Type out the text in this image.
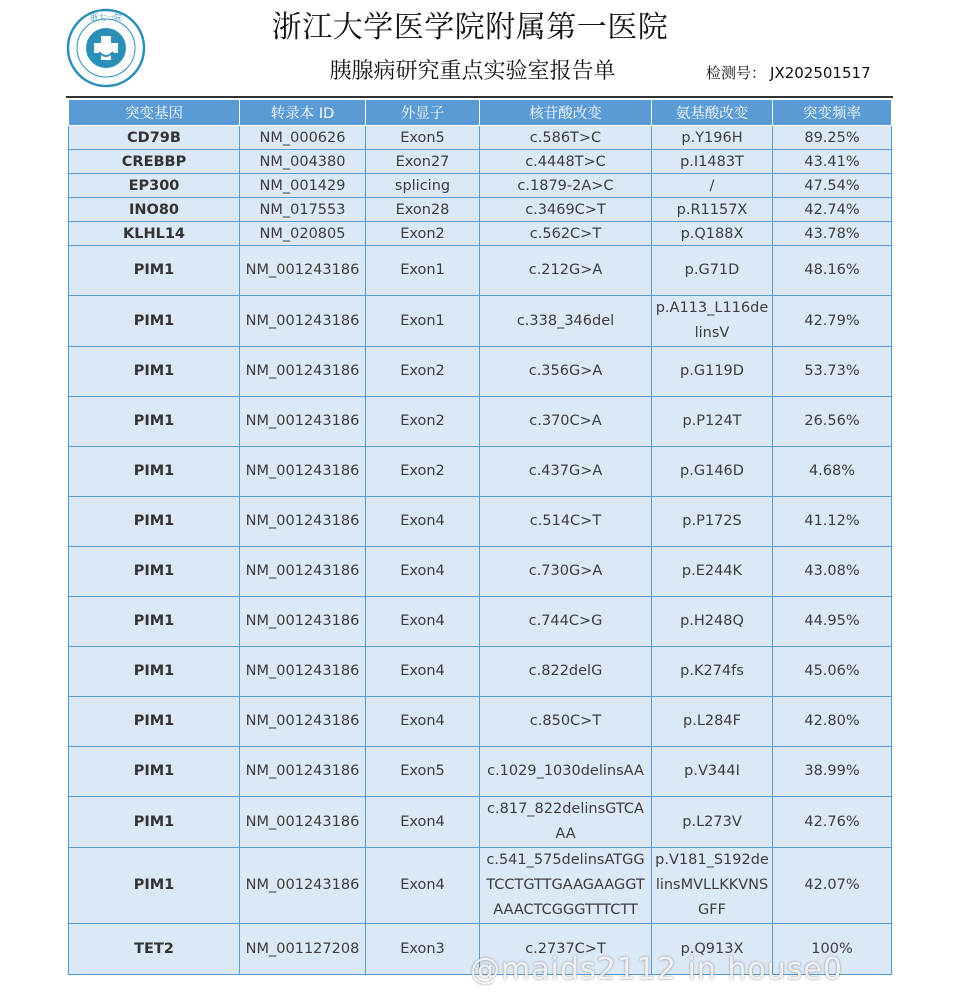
浙大一院	浙江大学医学院附属第一医院
胰腺病研究重点实验室报告单	检测号： JX202501517
突变基因	转录本 ID	外显子	核苷酸改变	氨基酸改变	突变频率
CD79B	NM_000626	Exon5	c.586T>C	p.Y196H	89.25%
CREBBP	NM_004380	Exon27	c.4448T>C	p.I1483T	43.41%
EP300	NM_001429	splicing	c.1879-2A>C	/	47.54%
INO80	NM_017553	Exon28	c.3469C>T	p.R1157X	42.74%
KLHL14	NM_020805	Exon2	c.562C>T	p.Q188X	43.78%
PIM1	NM_001243186	Exon1	c.212G>A	p.G71D	48.16%
PIM1	NM_001243186	Exon1	c.338_346del	p.A113_L116delinsV	42.79%
PIM1	NM_001243186	Exon2	c.356G>A	p.G119D	53.73%
PIM1	NM_001243186	Exon2	c.370C>A	p.P124T	26.56%
PIM1	NM_001243186	Exon2	c.437G>A	p.G146D	4.68%
PIM1	NM_001243186	Exon4	c.514C>T	p.P172S	41.12%
PIM1	NM_001243186	Exon4	c.730G>A	p.E244K	43.08%
PIM1	NM_001243186	Exon4	c.744C>G	p.H248Q	44.95%
PIM1	NM_001243186	Exon4	c.822delG	p.K274fs	45.06%
PIM1	NM_001243186	Exon4	c.850C>T	p.L284F	42.80%
PIM1	NM_001243186	Exon5	c.1029_1030delinsAA	p.V344I	38.99%
PIM1	NM_001243186	Exon4	c.817_822delinsGTCAAA	p.L273V	42.76%
PIM1	NM_001243186	Exon4	c.541_575delinsATGGTCCTGTTGAAGAAGGTAAACTCGGGTTTCTT	p.V181_S192delinsMVLLKKVNSGFF	42.07%
TET2	NM_001127208	Exon3	c.2737C>T	p.Q913X	100%
@maids2112 in house0
